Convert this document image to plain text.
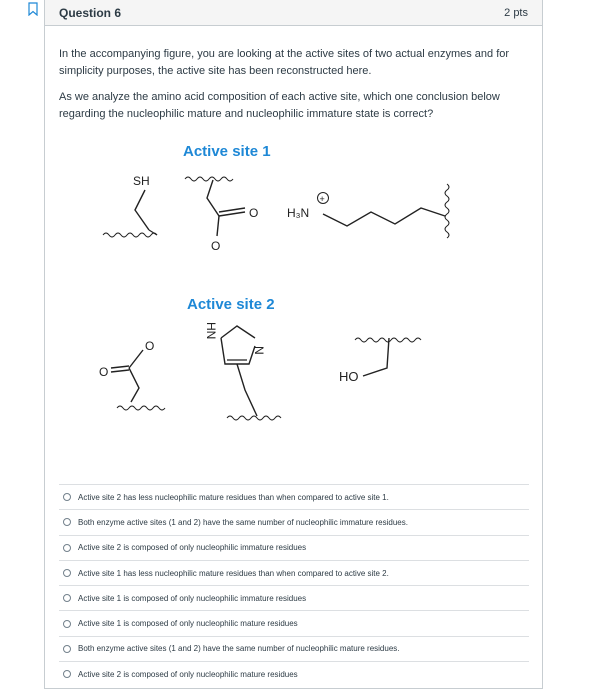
Question 6	2 pts

In the accompanying figure, you are looking at the active sites of two actual enzymes and for simplicity purposes, the active site has been reconstructed here.

As we analyze the amino acid composition of each active site, which one conclusion below regarding the nucleophilic mature and nucleophilic immature state is correct?

Active site 1
SH
O
O
H₃N
+
Active site 2
O
O
HN
N
HO
Active site 2 has less nucleophilic mature residues than when compared to active site 1.
Both enzyme active sites (1 and 2) have the same number of nucleophilic immature residues.
Active site 2 is composed of only nucleophilic immature residues
Active site 1 has less nucleophilic mature residues than when compared to active site 2.
Active site 1 is composed of only nucleophilic immature residues
Active site 1 is composed of only nucleophilic mature residues
Both enzyme active sites (1 and 2) have the same number of nucleophilic mature residues.
Active site 2 is composed of only nucleophilic mature residues
